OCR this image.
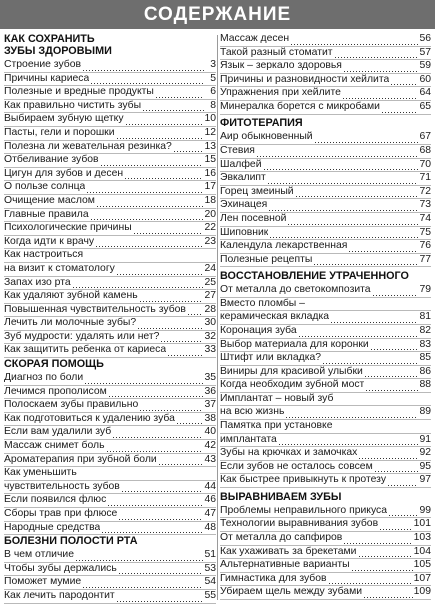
СОДЕРЖАНИЕ
КАК СОХРАНИТЬ
ЗУБЫ ЗДОРОВЫМИ
Строение зубов	3
Причины кариеса	5
Полезные и вредные продукты	6
Как правильно чистить зубы	8
Выбираем зубную щетку	10
Пасты, гели и порошки	12
Полезна ли жевательная резинка?	13
Отбеливание зубов	15
Цигун для зубов и десен	16
О пользе солнца	17
Очищение маслом	18
Главные правила	20
Психологические причины	22
Когда идти к врачу	23
Как настроиться
на визит к стоматологу	24
Запах изо рта	25
Как удаляют зубной камень	27
Повышенная чувствительность зубов 28
Лечить ли молочные зубы?	30
Зуб мудрости: удалять или нет?	32
Как защитить ребенка от кариеса	33
СКОРАЯ ПОМОЩЬ
Диагноз по боли	35
Лечимся прополисом	36
Полоскаем зубы правильно	37
Как подготовиться к удалению зуба	38
Если вам удалили зуб	40
Массаж снимет боль	42
Ароматерапия при зубной боли	43
Как уменьшить
чувствительность зубов	44
Если появился флюс	46
Сборы трав при флюсе	47
Народные средства	48
БОЛЕЗНИ ПОЛОСТИ РТА
В чем отличие	51
Чтобы зубы держались	53
Поможет мумие	54
Как лечить пародонтит	55
Массаж десен	56
Такой разный стоматит	57
Язык – зеркало здоровья	59
Причины и разновидности хейлита	60
Упражнения при хейлите	64
Минералка борется с микробами	65
ФИТОТЕРАПИЯ
Аир обыкновенный	67
Стевия	68
Шалфей	70
Эвкалипт	71
Горец змеиный	72
Эхинацея	73
Лен посевной	74
Шиповник	75
Календула лекарственная	76
Полезные рецепты	77
ВОССТАНОВЛЕНИЕ УТРАЧЕННОГО
От металла до светокомпозита	79
Вместо пломбы –
керамическая вкладка	81
Коронация зуба	82
Выбор материала для коронки	83
Штифт или вкладка?	85
Виниры для красивой улыбки	86
Когда необходим зубной мост	88
Имплантат – новый зуб
на всю жизнь	89
Памятка при установке
имплантата	91
Зубы на крючках и замочках	92
Если зубов не осталось совсем	95
Как быстрее привыкнуть к протезу	97
ВЫРАВНИВАЕМ ЗУБЫ
Проблемы неправильного прикуса	99
Технологии выравнивания зубов	101
От металла до сапфиров	103
Как ухаживать за брекетами	104
Альтернативные варианты	105
Гимнастика для зубов	107
Убираем щель между зубами	109
